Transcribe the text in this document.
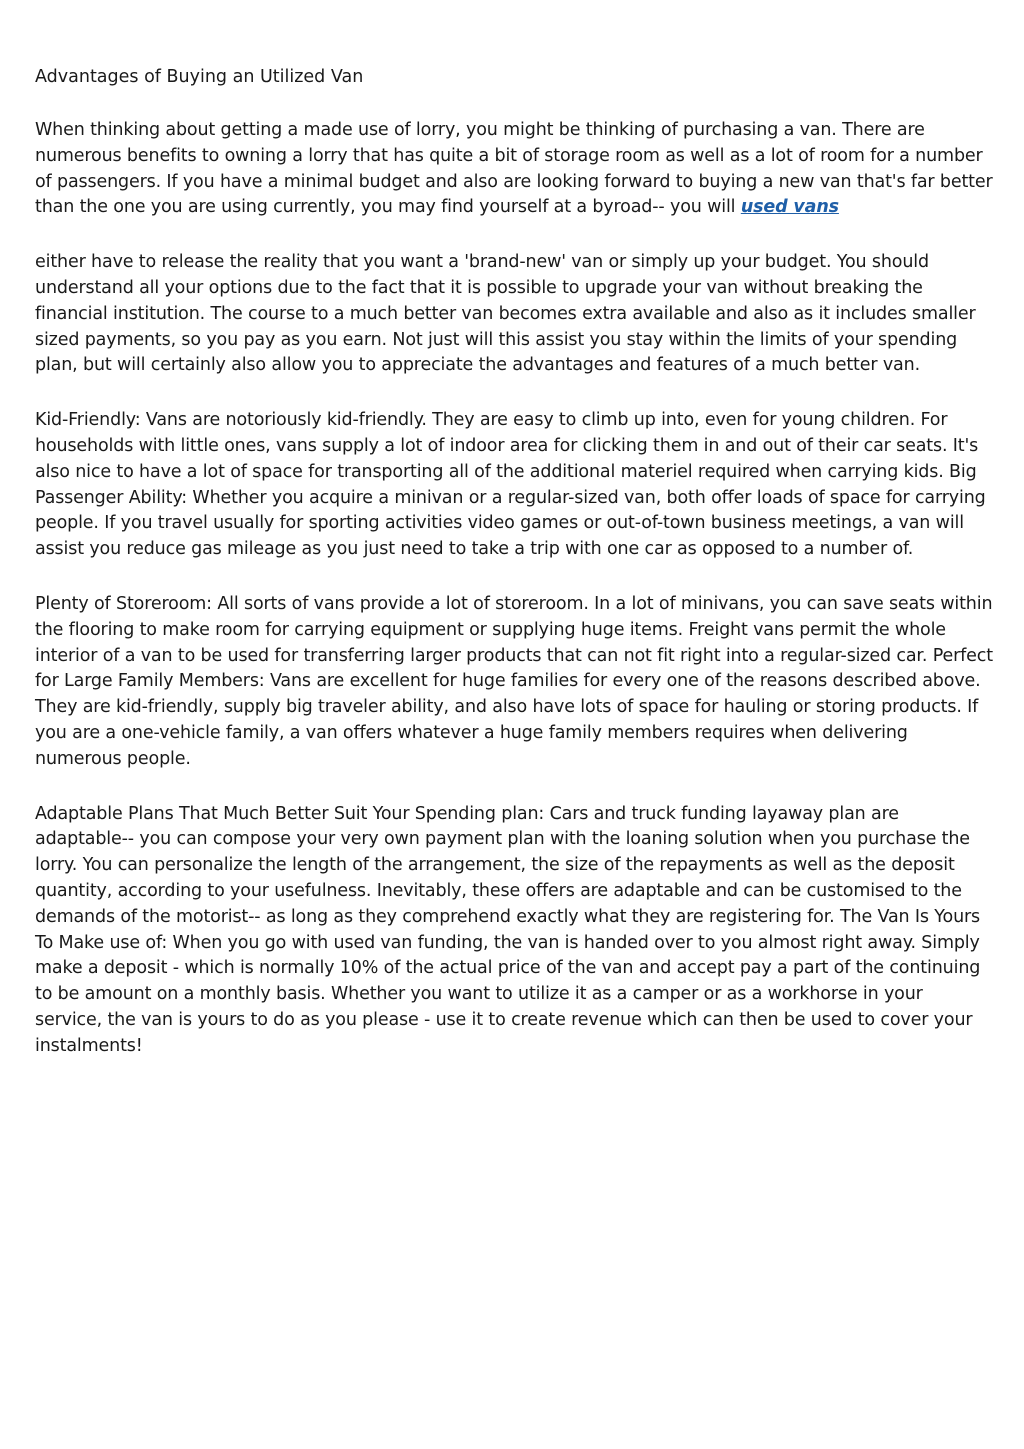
Advantages of Buying an Utilized Van

When thinking about getting a made use of lorry, you might be thinking of purchasing a van. There are numerous benefits to owning a lorry that has quite a bit of storage room as well as a lot of room for a number of passengers. If you have a minimal budget and also are looking forward to buying a new van that's far better than the one you are using currently, you may find yourself at a byroad-- you will used vans

either have to release the reality that you want a 'brand-new' van or simply up your budget. You should understand all your options due to the fact that it is possible to upgrade your van without breaking the financial institution. The course to a much better van becomes extra available and also as it includes smaller sized payments, so you pay as you earn. Not just will this assist you stay within the limits of your spending plan, but will certainly also allow you to appreciate the advantages and features of a much better van.

Kid-Friendly: Vans are notoriously kid-friendly. They are easy to climb up into, even for young children. For households with little ones, vans supply a lot of indoor area for clicking them in and out of their car seats. It's also nice to have a lot of space for transporting all of the additional materiel required when carrying kids. Big Passenger Ability: Whether you acquire a minivan or a regular-sized van, both offer loads of space for carrying people. If you travel usually for sporting activities video games or out-of-town business meetings, a van will assist you reduce gas mileage as you just need to take a trip with one car as opposed to a number of.

Plenty of Storeroom: All sorts of vans provide a lot of storeroom. In a lot of minivans, you can save seats within the flooring to make room for carrying equipment or supplying huge items. Freight vans permit the whole interior of a van to be used for transferring larger products that can not fit right into a regular-sized car. Perfect for Large Family Members: Vans are excellent for huge families for every one of the reasons described above. They are kid-friendly, supply big traveler ability, and also have lots of space for hauling or storing products. If you are a one-vehicle family, a van offers whatever a huge family members requires when delivering numerous people.

Adaptable Plans That Much Better Suit Your Spending plan: Cars and truck funding layaway plan are adaptable-- you can compose your very own payment plan with the loaning solution when you purchase the lorry. You can personalize the length of the arrangement, the size of the repayments as well as the deposit quantity, according to your usefulness. Inevitably, these offers are adaptable and can be customised to the demands of the motorist-- as long as they comprehend exactly what they are registering for. The Van Is Yours To Make use of: When you go with used van funding, the van is handed over to you almost right away. Simply make a deposit - which is normally 10% of the actual price of the van and accept pay a part of the continuing to be amount on a monthly basis. Whether you want to utilize it as a camper or as a workhorse in your service, the van is yours to do as you please - use it to create revenue which can then be used to cover your instalments!
